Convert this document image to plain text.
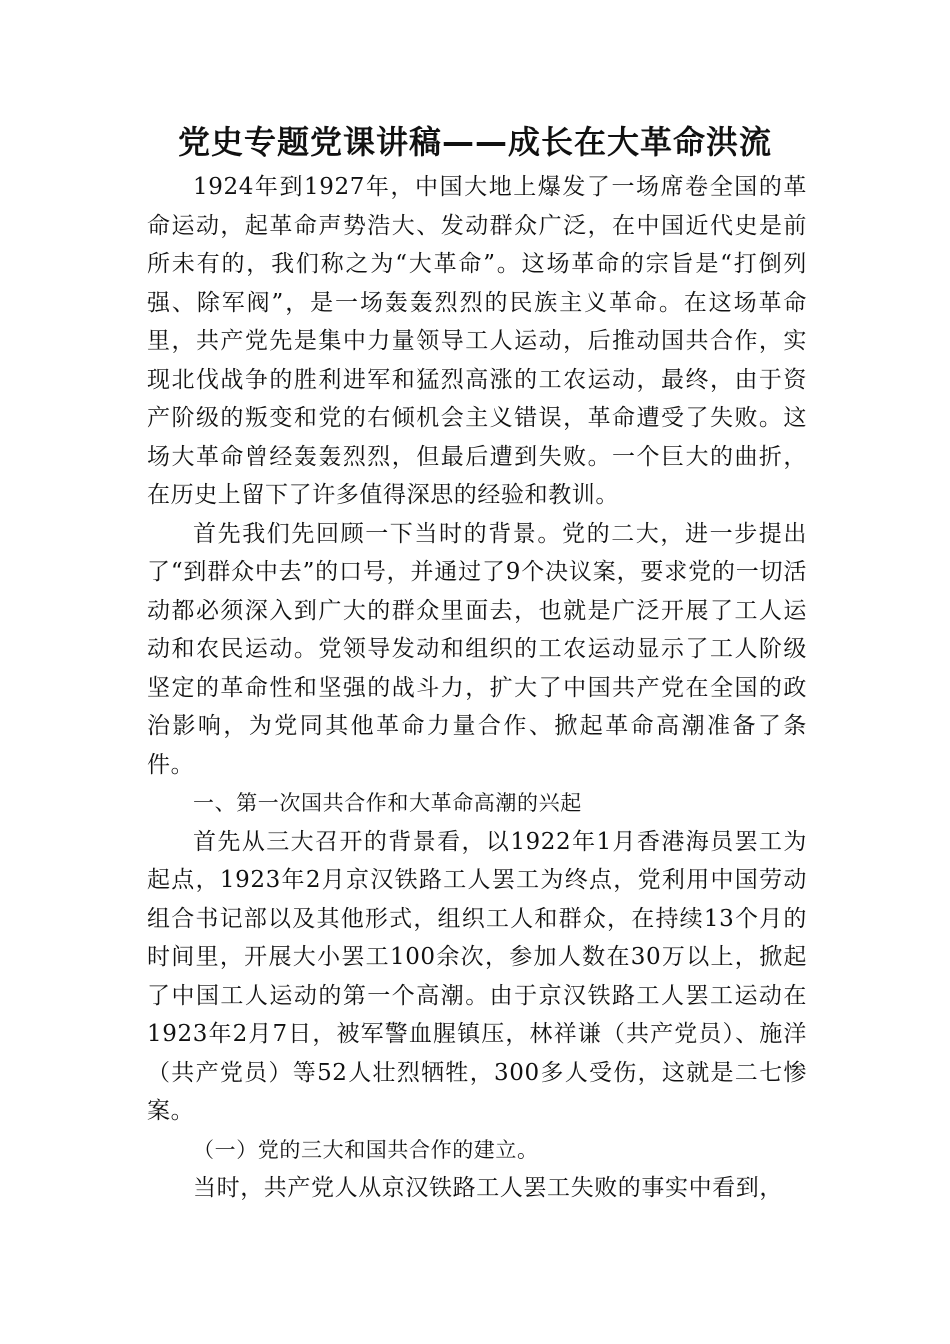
党史专题党课讲稿——成长在大革命洪流

1924年到1927年，中国大地上爆发了一场席卷全国的革命运动，起革命声势浩大、发动群众广泛，在中国近代史是前所未有的，我们称之为“大革命”。这场革命的宗旨是“打倒列强、除军阀”，是一场轰轰烈烈的民族主义革命。在这场革命里，共产党先是集中力量领导工人运动，后推动国共合作，实现北伐战争的胜利进军和猛烈高涨的工农运动，最终，由于资产阶级的叛变和党的右倾机会主义错误，革命遭受了失败。这场大革命曾经轰轰烈烈，但最后遭到失败。一个巨大的曲折，在历史上留下了许多值得深思的经验和教训。

首先我们先回顾一下当时的背景。党的二大，进一步提出了“到群众中去”的口号，并通过了9个决议案，要求党的一切活动都必须深入到广大的群众里面去，也就是广泛开展了工人运动和农民运动。党领导发动和组织的工农运动显示了工人阶级坚定的革命性和坚强的战斗力，扩大了中国共产党在全国的政治影响，为党同其他革命力量合作、掀起革命高潮准备了条件。

一、第一次国共合作和大革命高潮的兴起

首先从三大召开的背景看，以1922年1月香港海员罢工为起点，1923年2月京汉铁路工人罢工为终点，党利用中国劳动组合书记部以及其他形式，组织工人和群众，在持续13个月的时间里，开展大小罢工100余次，参加人数在30万以上，掀起了中国工人运动的第一个高潮。由于京汉铁路工人罢工运动在1923年2月7日，被军警血腥镇压，林祥谦（共产党员）、施洋（共产党员）等52人壮烈牺牲，300多人受伤，这就是二七惨案。

（一）党的三大和国共合作的建立。

当时，共产党人从京汉铁路工人罢工失败的事实中看到，
